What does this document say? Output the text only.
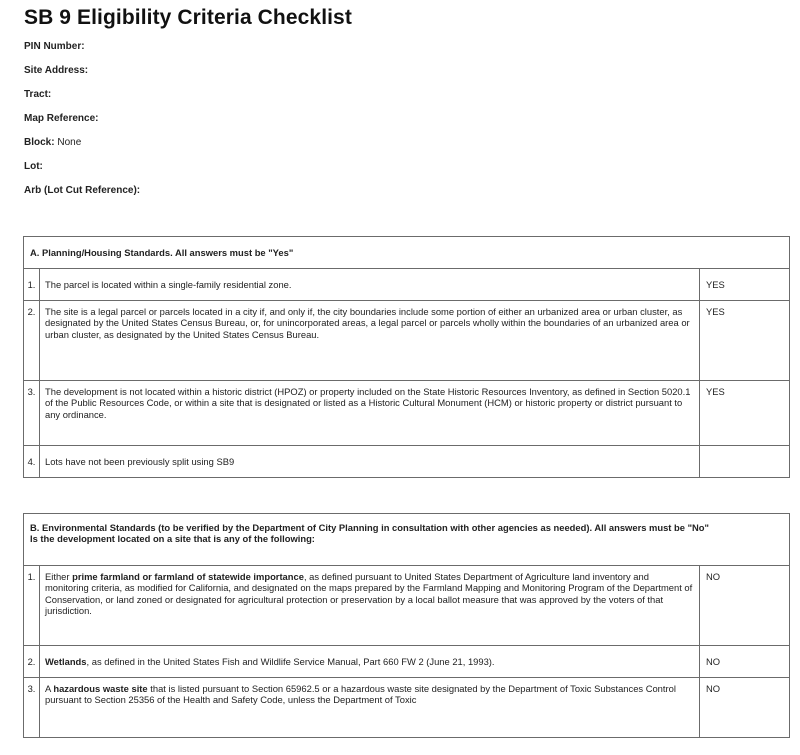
SB 9 Eligibility Criteria Checklist
PIN Number:
Site Address:
Tract:
Map Reference:
Block: None
Lot:
Arb (Lot Cut Reference):
A. Planning/Housing Standards. All answers must be "Yes"		
1.	The parcel is located within a single-family residential zone.	YES
2.	The site is a legal parcel or parcels located in a city if, and only if, the city boundaries include some portion of either an urbanized area or urban cluster, as designated by the United States Census Bureau, or, for unincorporated areas, a legal parcel or parcels wholly within the boundaries of an urbanized area or urban cluster, as designated by the United States Census Bureau.	YES
3.	The development is not located within a historic district (HPOZ) or property included on the State Historic Resources Inventory, as defined in Section 5020.1 of the Public Resources Code, or within a site that is designated or listed as a Historic Cultural Monument (HCM) or historic property or district pursuant to any ordinance.	YES
4.	Lots have not been previously split using SB9	
B. Environmental Standards (to be verified by the Department of City Planning in consultation with other agencies as needed). All answers must be "No"
Is the development located on a site that is any of the following:		

1.	Either prime farmland or farmland of statewide importance, as defined pursuant to United States Department of Agriculture land inventory and monitoring criteria, as modified for California, and designated on the maps prepared by the Farmland Mapping and Monitoring Program of the Department of Conservation, or land zoned or designated for agricultural protection or preservation by a local ballot measure that was approved by the voters of that jurisdiction.	NO
2.	Wetlands, as defined in the United States Fish and Wildlife Service Manual, Part 660 FW 2 (June 21, 1993).	NO
3.	A hazardous waste site that is listed pursuant to Section 65962.5 or a hazardous waste site designated by the Department of Toxic Substances Control pursuant to Section 25356 of the Health and Safety Code, unless the Department of Toxic	NO
